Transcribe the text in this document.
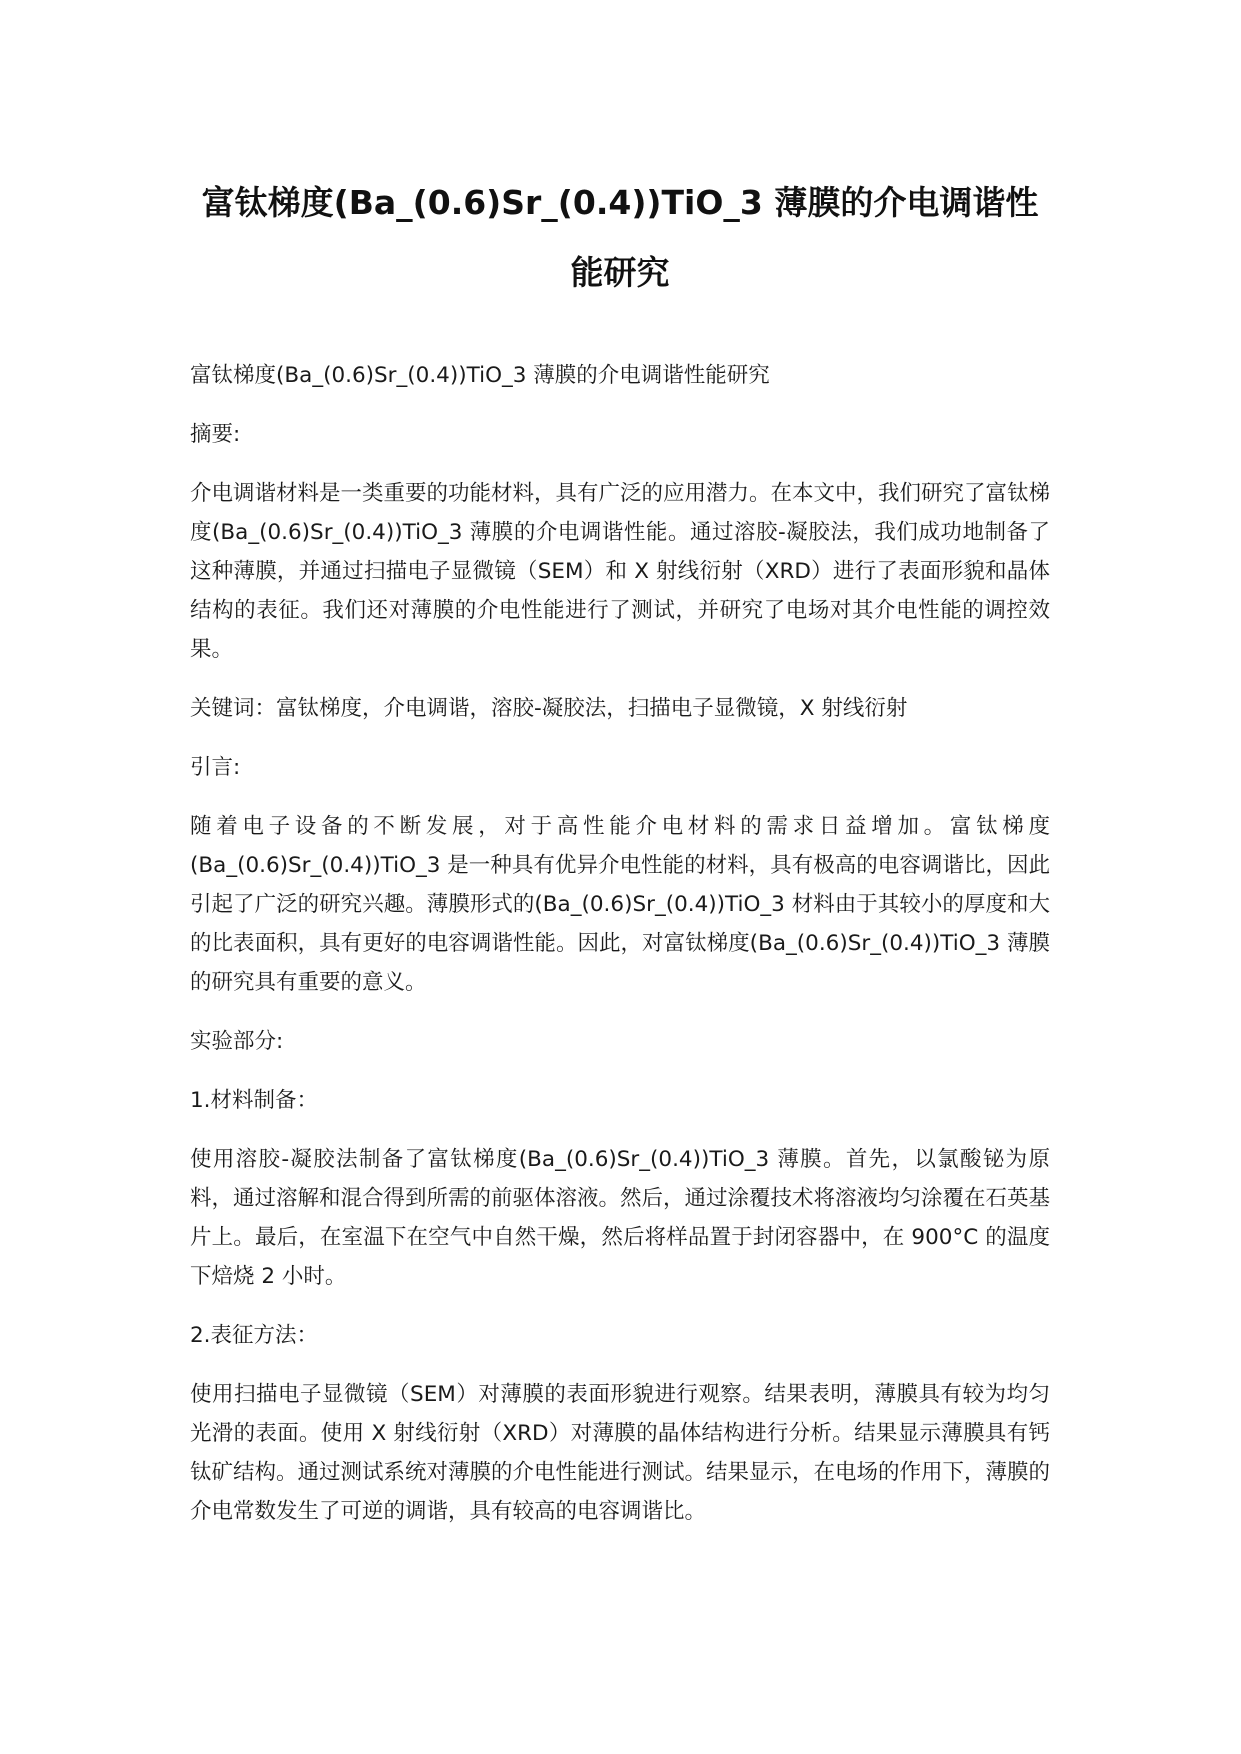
富钛梯度(Ba_(0.6)Sr_(0.4))TiO_3 薄膜的介电调谐性能研究

富钛梯度(Ba_(0.6)Sr_(0.4))TiO_3 薄膜的介电调谐性能研究

摘要:

介电调谐材料是一类重要的功能材料，具有广泛的应用潜力。在本文中，我们研究了富钛梯度(Ba_(0.6)Sr_(0.4))TiO_3 薄膜的介电调谐性能。通过溶胶-凝胶法，我们成功地制备了这种薄膜，并通过扫描电子显微镜（SEM）和 X 射线衍射（XRD）进行了表面形貌和晶体结构的表征。我们还对薄膜的介电性能进行了测试，并研究了电场对其介电性能的调控效果。

关键词：富钛梯度，介电调谐，溶胶-凝胶法，扫描电子显微镜，X 射线衍射

引言:

随着电子设备的不断发展，对于高性能介电材料的需求日益增加。富钛梯度(Ba_(0.6)Sr_(0.4))TiO_3 是一种具有优异介电性能的材料，具有极高的电容调谐比，因此引起了广泛的研究兴趣。薄膜形式的(Ba_(0.6)Sr_(0.4))TiO_3 材料由于其较小的厚度和大的比表面积，具有更好的电容调谐性能。因此，对富钛梯度(Ba_(0.6)Sr_(0.4))TiO_3 薄膜的研究具有重要的意义。

实验部分:

1.材料制备：

使用溶胶-凝胶法制备了富钛梯度(Ba_(0.6)Sr_(0.4))TiO_3 薄膜。首先，以氯酸铋为原料，通过溶解和混合得到所需的前驱体溶液。然后，通过涂覆技术将溶液均匀涂覆在石英基片上。最后，在室温下在空气中自然干燥，然后将样品置于封闭容器中，在 900°C 的温度下焙烧 2 小时。

2.表征方法：

使用扫描电子显微镜（SEM）对薄膜的表面形貌进行观察。结果表明，薄膜具有较为均匀光滑的表面。使用 X 射线衍射（XRD）对薄膜的晶体结构进行分析。结果显示薄膜具有钙钛矿结构。通过测试系统对薄膜的介电性能进行测试。结果显示，在电场的作用下，薄膜的介电常数发生了可逆的调谐，具有较高的电容调谐比。
